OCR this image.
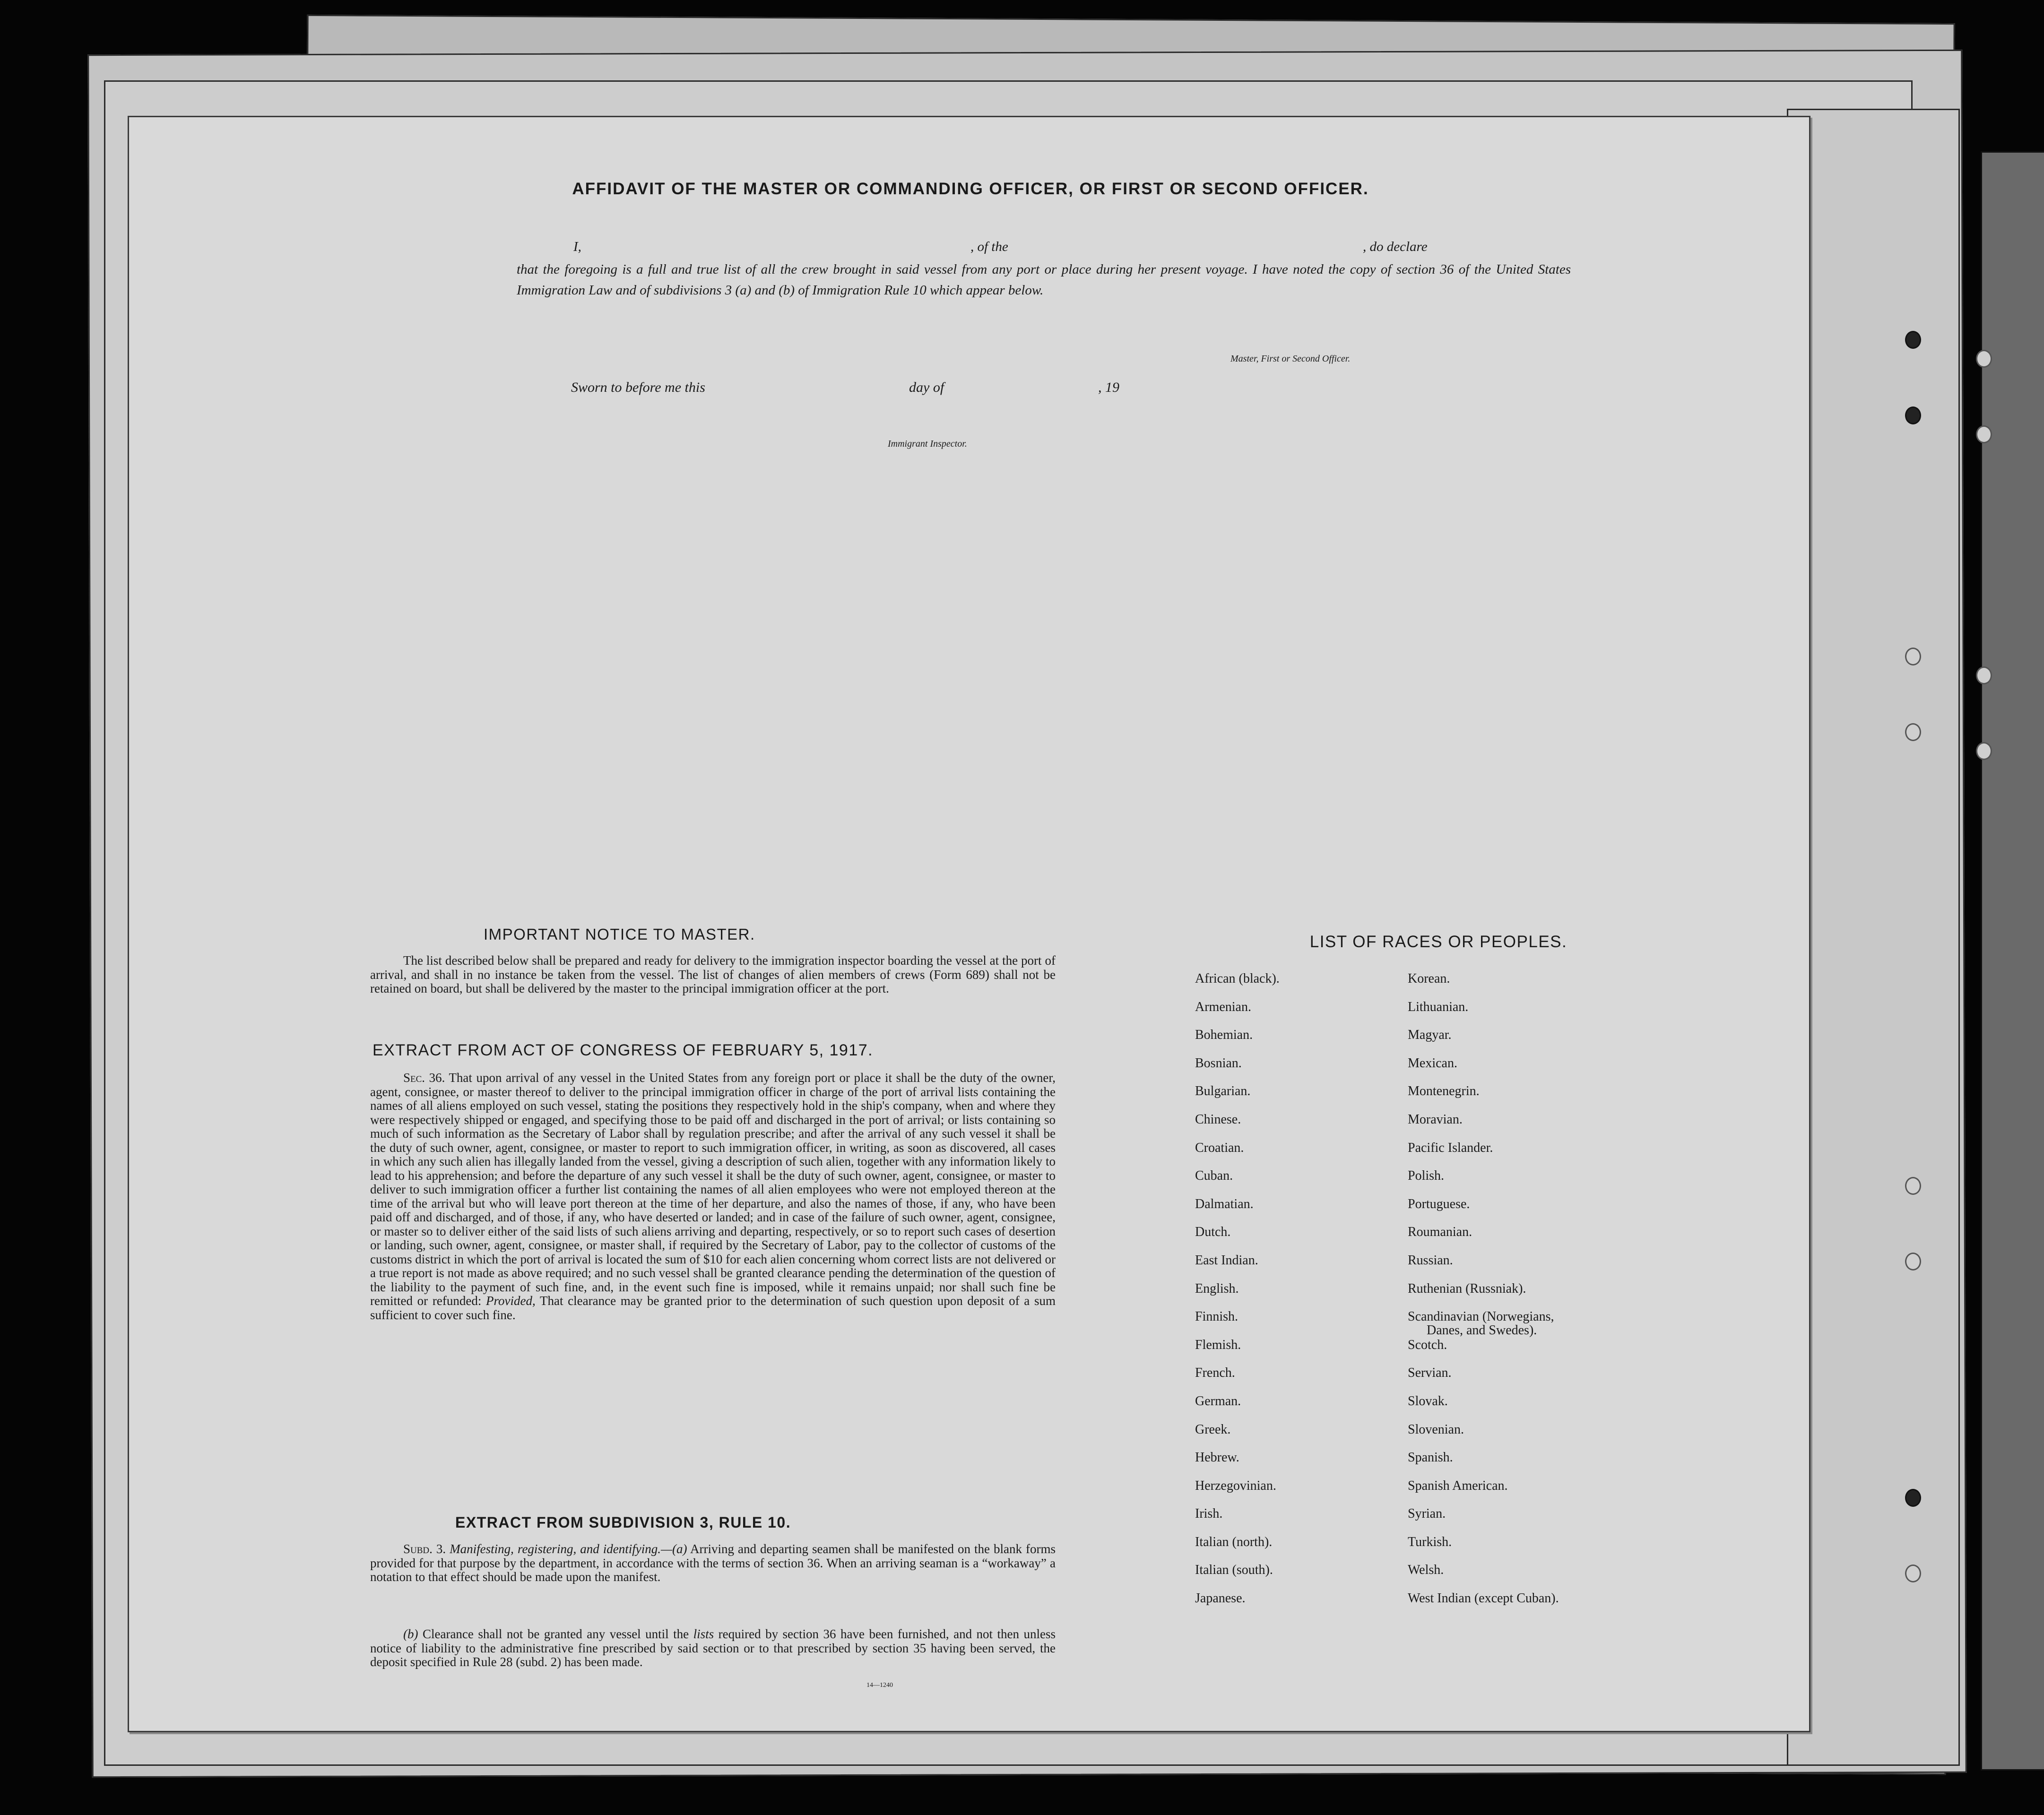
AFFIDAVIT OF THE MASTER OR COMMANDING OFFICER, OR FIRST OR SECOND OFFICER.
I,	, of the	, do declare
that the foregoing is a full and true list of all the crew brought in said vessel from any port or place during her present voyage. I have noted the copy of section 36 of the United States Immigration Law and of subdivisions 3 (a) and (b) of Immigration Rule 10 which appear below.
Master, First or Second Officer.
Sworn to before me this	day of	, 19
Immigrant Inspector.
IMPORTANT NOTICE TO MASTER.
The list described below shall be prepared and ready for delivery to the immigration inspector boarding the vessel at the port of arrival, and shall in no instance be taken from the vessel. The list of changes of alien members of crews (Form 689) shall not be retained on board, but shall be delivered by the master to the principal immigration officer at the port.
EXTRACT FROM ACT OF CONGRESS OF FEBRUARY 5, 1917.
Sec. 36. That upon arrival of any vessel in the United States from any foreign port or place it shall be the duty of the owner, agent, consignee, or master thereof to deliver to the principal immigration officer in charge of the port of arrival lists containing the names of all aliens employed on such vessel, stating the positions they respectively hold in the ship's company, when and where they were respectively shipped or engaged, and specifying those to be paid off and discharged in the port of arrival; or lists containing so much of such information as the Secretary of Labor shall by regulation prescribe; and after the arrival of any such vessel it shall be the duty of such owner, agent, consignee, or master to report to such immigration officer, in writing, as soon as discovered, all cases in which any such alien has illegally landed from the vessel, giving a description of such alien, together with any information likely to lead to his apprehension; and before the departure of any such vessel it shall be the duty of such owner, agent, consignee, or master to deliver to such immigration officer a further list containing the names of all alien employees who were not employed thereon at the time of the arrival but who will leave port thereon at the time of her departure, and also the names of those, if any, who have been paid off and discharged, and of those, if any, who have deserted or landed; and in case of the failure of such owner, agent, consignee, or master so to deliver either of the said lists of such aliens arriving and departing, respectively, or so to report such cases of desertion or landing, such owner, agent, consignee, or master shall, if required by the Secretary of Labor, pay to the collector of customs of the customs district in which the port of arrival is located the sum of $10 for each alien concerning whom correct lists are not delivered or a true report is not made as above required; and no such vessel shall be granted clearance pending the determination of the question of the liability to the payment of such fine, and, in the event such fine is imposed, while it remains unpaid; nor shall such fine be remitted or refunded: Provided, That clearance may be granted prior to the determination of such question upon deposit of a sum sufficient to cover such fine.
EXTRACT FROM SUBDIVISION 3, RULE 10.
Subd. 3. Manifesting, registering, and identifying.—(a) Arriving and departing seamen shall be manifested on the blank forms provided for that purpose by the department, in accordance with the terms of section 36. When an arriving seaman is a “workaway” a notation to that effect should be made upon the manifest.
(b) Clearance shall not be granted any vessel until the lists required by section 36 have been furnished, and not then unless notice of liability to the administrative fine prescribed by said section or to that prescribed by section 35 having been served, the deposit specified in Rule 28 (subd. 2) has been made.
14—1240
LIST OF RACES OR PEOPLES.
African (black).
Armenian.
Bohemian.
Bosnian.
Bulgarian.
Chinese.
Croatian.
Cuban.
Dalmatian.
Dutch.
East Indian.
English.
Finnish.
Flemish.
French.
German.
Greek.
Hebrew.
Herzegovinian.
Irish.
Italian (north).
Italian (south).
Japanese.
Korean.
Lithuanian.
Magyar.
Mexican.
Montenegrin.
Moravian.
Pacific Islander.
Polish.
Portuguese.
Roumanian.
Russian.
Ruthenian (Russniak).
Scandinavian (Norwegians,
Danes, and Swedes).
Scotch.
Servian.
Slovak.
Slovenian.
Spanish.
Spanish American.
Syrian.
Turkish.
Welsh.
West Indian (except Cuban).
